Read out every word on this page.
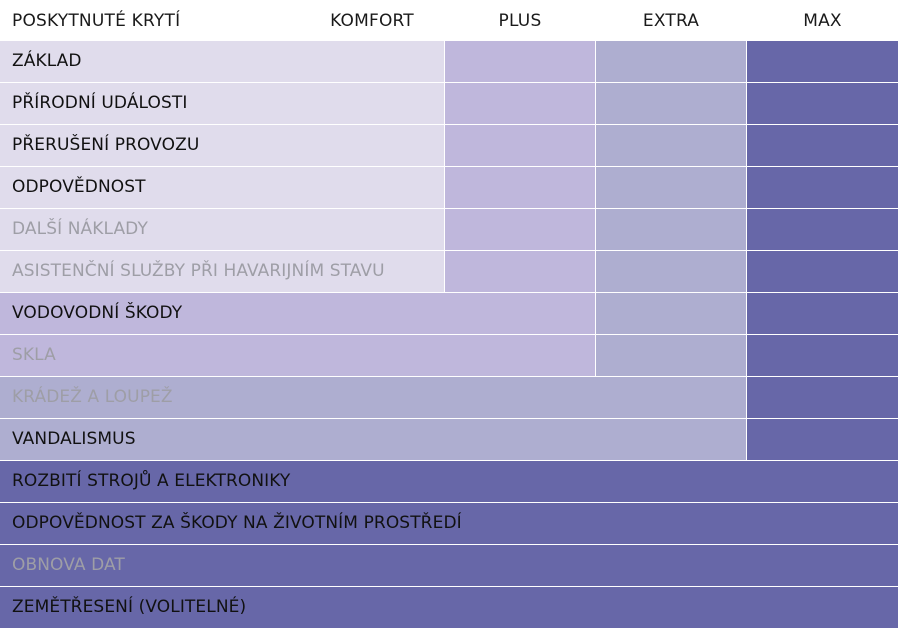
POSKYTNUTÉ KRYTÍ	KOMFORT	PLUS	EXTRA	MAX
ZÁKLAD
PŘÍRODNÍ UDÁLOSTI
PŘERUŠENÍ PROVOZU
ODPOVĚDNOST
DALŠÍ NÁKLADY
ASISTENČNÍ SLUŽBY PŘI HAVARIJNÍM STAVU
VODOVODNÍ ŠKODY
SKLA
KRÁDEŽ A LOUPEŽ
VANDALISMUS
ROZBITÍ STROJŮ A ELEKTRONIKY
ODPOVĚDNOST ZA ŠKODY NA ŽIVOTNÍM PROSTŘEDÍ
OBNOVA DAT
ZEMĚTŘESENÍ (VOLITELNÉ)
